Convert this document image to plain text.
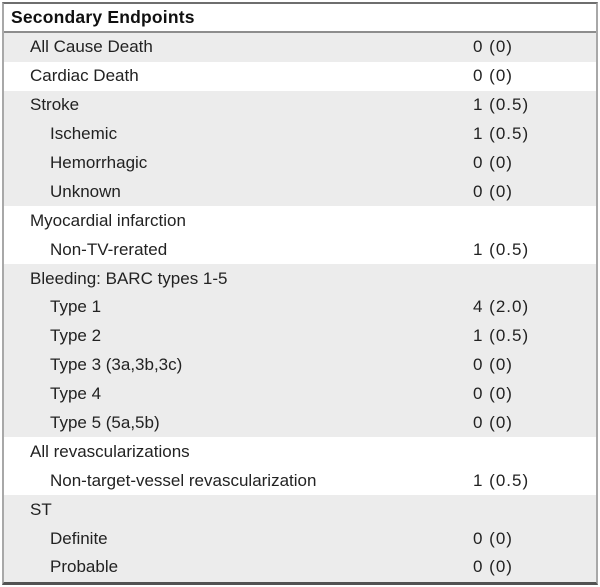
Secondary Endpoints
All Cause Death	0 (0)
Cardiac Death	0 (0)
Stroke	1 (0.5)
Ischemic	1 (0.5)
Hemorrhagic	0 (0)
Unknown	0 (0)
Myocardial infarction
Non-TV-rerated	1 (0.5)
Bleeding: BARC types 1-5
Type 1	4 (2.0)
Type 2	1 (0.5)
Type 3 (3a,3b,3c)	0 (0)
Type 4	0 (0)
Type 5 (5a,5b)	0 (0)
All revascularizations
Non-target-vessel revascularization	1 (0.5)
ST
Definite	0 (0)
Probable	0 (0)
